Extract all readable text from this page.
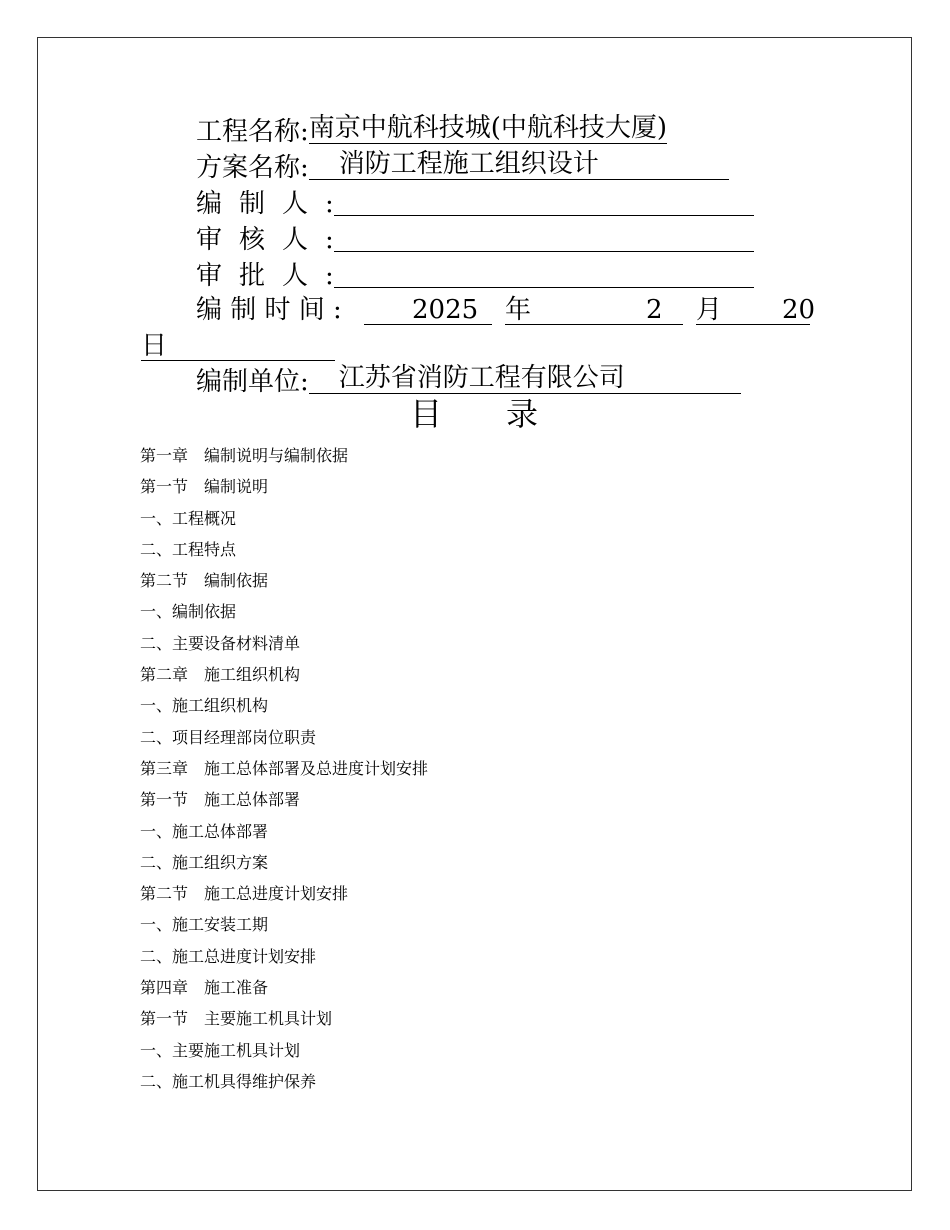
工程名称:南京中航科技城(中航科技大厦)
方案名称: 消防工程施工组织设计
编制人:
审核人:
审批人:
编 制 时 间 :	2025 年	2 月 20
日
编制单位: 江苏省消防工程有限公司
目录
第一章　编制说明与编制依据
第一节　编制说明
一、工程概况
二、工程特点
第二节　编制依据
一、编制依据
二、主要设备材料清单
第二章　施工组织机构
一、施工组织机构
二、项目经理部岗位职责
第三章　施工总体部署及总进度计划安排
第一节　施工总体部署
一、施工总体部署
二、施工组织方案
第二节　施工总进度计划安排
一、施工安装工期
二、施工总进度计划安排
第四章　施工准备
第一节　主要施工机具计划
一、主要施工机具计划
二、施工机具得维护保养
